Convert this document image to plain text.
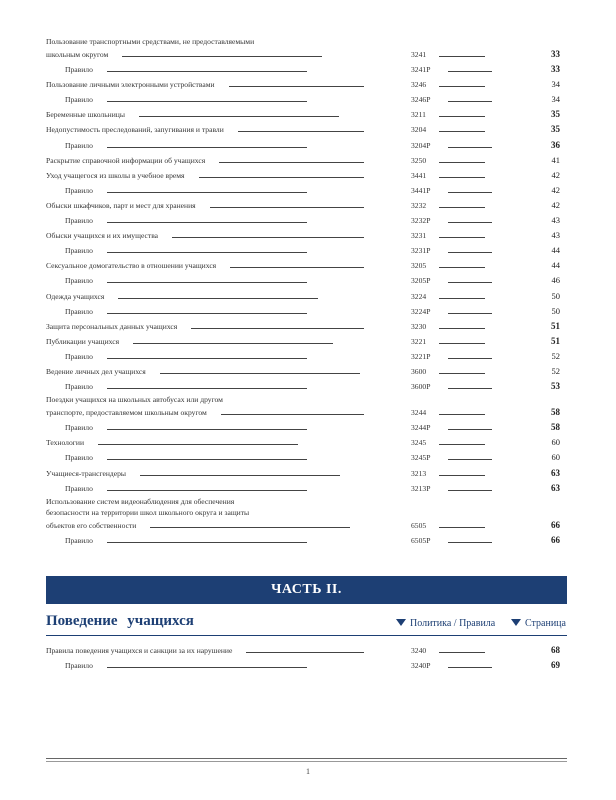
Пользование транспортными средствами, не предоставляемыми
школьным округом	3241	33
Правило	3241P	33
Пользование личными электронными устройствами	3246	34
Правило	3246P	34
Беременные школьницы	3211	35
Недопустимость преследований, запугивания и травли	3204	35
Правило	3204P	36
Раскрытие справочной информации об учащихся	3250	41
Уход учащегося из школы в учебное время	3441	42
Правило	3441P	42
Обыски шкафчиков, парт и мест для хранения	3232	42
Правило	3232P	43
Обыски учащихся и их имущества	3231	43
Правило	3231P	44
Сексуальное домогательство в отношении учащихся	3205	44
Правило	3205P	46
Одежда учащихся	3224	50
Правило	3224P	50
Защита персональных данных учащихся	3230	51
Публикации учащихся	3221	51
Правило	3221P	52
Ведение личных дел учащихся	3600	52
Правило	3600P	53
Поездки учащихся на школьных автобусах или другом
транспорте, предоставляемом школьным округом	3244	58
Правило	3244P	58
Технологии	3245	60
Правило	3245P	60
Учащиеся-трансгендеры	3213	63
Правило	3213P	63
Использование систем видеонаблюдения для обеспечения
безопасности на территории школ школьного округа и защиты
объектов его собственности	6505	66
Правило	6505P	66
ЧАСТЬ II.
Поведение учащихся	Политика / Правила	Страница
Правила поведения учащихся и санкции за их нарушение	3240	68
Правило	3240P	69
1
